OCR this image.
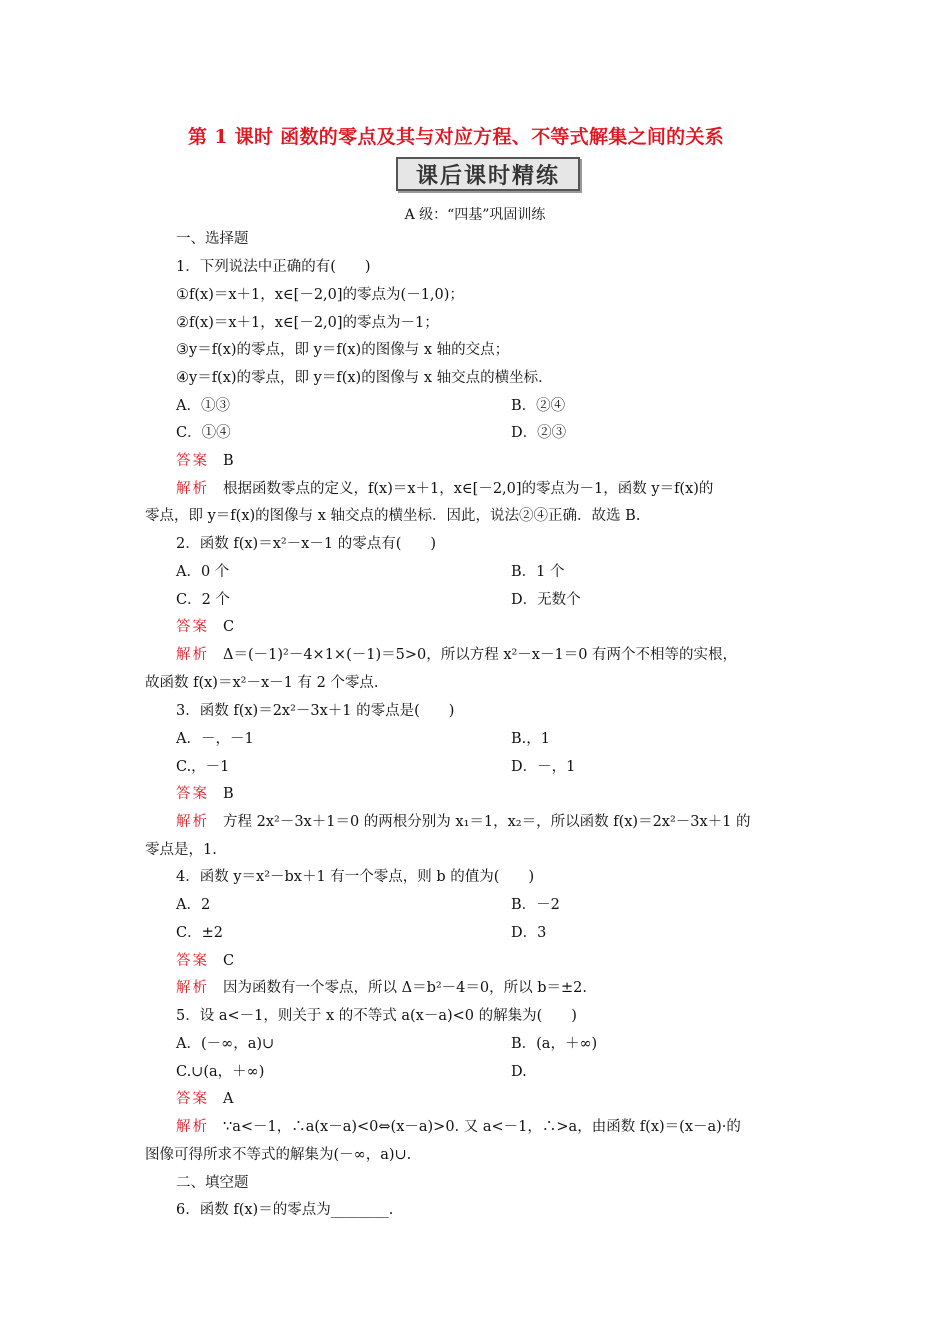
第 1 课时 函数的零点及其与对应方程、不等式解集之间的关系
课后课时精练
A 级：“四基”巩固训练
一、选择题
1．下列说法中正确的有(　　)
①f(x)＝x＋1，x∈[－2,0]的零点为(－1,0)；
②f(x)＝x＋1，x∈[－2,0]的零点为－1；
③y＝f(x)的零点，即 y＝f(x)的图像与 x 轴的交点；
④y＝f(x)的零点，即 y＝f(x)的图像与 x 轴交点的横坐标．
A．①③	B．②④
C．①④	D．②③
答案 B
解析 根据函数零点的定义，f(x)＝x＋1，x∈[－2,0]的零点为－1，函数 y＝f(x)的
零点，即 y＝f(x)的图像与 x 轴交点的横坐标．因此，说法②④正确．故选 B.
2．函数 f(x)＝x²－x－1 的零点有(　　)
A．0 个	B．1 个
C．2 个	D．无数个
答案 C
解析 Δ＝(－1)²－4×1×(－1)＝5>0，所以方程 x²－x－1＝0 有两个不相等的实根，
故函数 f(x)＝x²－x－1 有 2 个零点.
3．函数 f(x)＝2x²－3x＋1 的零点是(　　)
A．－，－1	B.，1
C.，－1	D．－，1
答案 B
解析 方程 2x²－3x＋1＝0 的两根分别为 x₁＝1，x₂＝，所以函数 f(x)＝2x²－3x＋1 的
零点是，1.
4．函数 y＝x²－bx＋1 有一个零点，则 b 的值为(　　)
A．2	B．－2
C．±2	D．3
答案 C
解析 因为函数有一个零点，所以 Δ＝b²－4＝0，所以 b＝±2.
5．设 a<－1，则关于 x 的不等式 a(x－a)<0 的解集为(　　)
A．(－∞，a)∪	B．(a，＋∞)
C.∪(a，＋∞)	D.
答案 A
解析 ∵a<－1，∴a(x－a)<0⇔(x－a)>0. 又 a<－1，∴>a，由函数 f(x)＝(x－a)·的
图像可得所求不等式的解集为(－∞，a)∪.
二、填空题
6．函数 f(x)＝的零点为________.
